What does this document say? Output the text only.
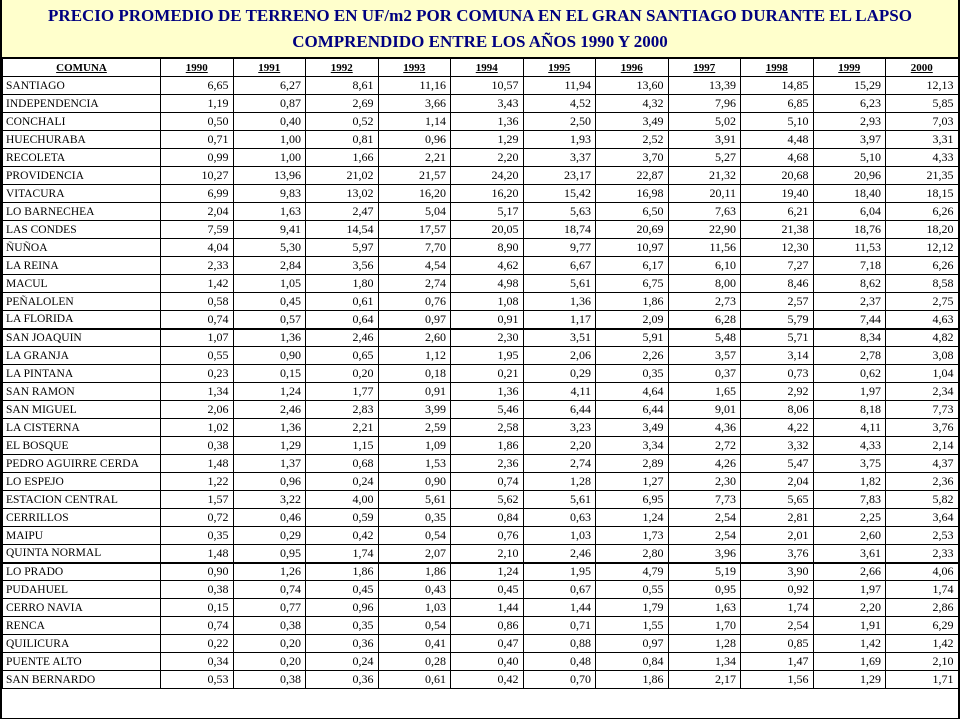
PRECIO PROMEDIO DE TERRENO EN UF/m2 POR COMUNA EN EL GRAN SANTIAGO DURANTE EL LAPSO
COMPRENDIDO ENTRE LOS AÑOS 1990 Y 2000
COMUNA	1990	1991	1992	1993	1994	1995	1996	1997	1998	1999	2000
SANTIAGO	6,65	6,27	8,61	11,16	10,57	11,94	13,60	13,39	14,85	15,29	12,13
INDEPENDENCIA	1,19	0,87	2,69	3,66	3,43	4,52	4,32	7,96	6,85	6,23	5,85
CONCHALI	0,50	0,40	0,52	1,14	1,36	2,50	3,49	5,02	5,10	2,93	7,03
HUECHURABA	0,71	1,00	0,81	0,96	1,29	1,93	2,52	3,91	4,48	3,97	3,31
RECOLETA	0,99	1,00	1,66	2,21	2,20	3,37	3,70	5,27	4,68	5,10	4,33
PROVIDENCIA	10,27	13,96	21,02	21,57	24,20	23,17	22,87	21,32	20,68	20,96	21,35
VITACURA	6,99	9,83	13,02	16,20	16,20	15,42	16,98	20,11	19,40	18,40	18,15
LO BARNECHEA	2,04	1,63	2,47	5,04	5,17	5,63	6,50	7,63	6,21	6,04	6,26
LAS CONDES	7,59	9,41	14,54	17,57	20,05	18,74	20,69	22,90	21,38	18,76	18,20
ÑUÑOA	4,04	5,30	5,97	7,70	8,90	9,77	10,97	11,56	12,30	11,53	12,12
LA REINA	2,33	2,84	3,56	4,54	4,62	6,67	6,17	6,10	7,27	7,18	6,26
MACUL	1,42	1,05	1,80	2,74	4,98	5,61	6,75	8,00	8,46	8,62	8,58
PEÑALOLEN	0,58	0,45	0,61	0,76	1,08	1,36	1,86	2,73	2,57	2,37	2,75
LA FLORIDA	0,74	0,57	0,64	0,97	0,91	1,17	2,09	6,28	5,79	7,44	4,63
SAN JOAQUIN	1,07	1,36	2,46	2,60	2,30	3,51	5,91	5,48	5,71	8,34	4,82
LA GRANJA	0,55	0,90	0,65	1,12	1,95	2,06	2,26	3,57	3,14	2,78	3,08
LA PINTANA	0,23	0,15	0,20	0,18	0,21	0,29	0,35	0,37	0,73	0,62	1,04
SAN RAMON	1,34	1,24	1,77	0,91	1,36	4,11	4,64	1,65	2,92	1,97	2,34
SAN MIGUEL	2,06	2,46	2,83	3,99	5,46	6,44	6,44	9,01	8,06	8,18	7,73
LA CISTERNA	1,02	1,36	2,21	2,59	2,58	3,23	3,49	4,36	4,22	4,11	3,76
EL BOSQUE	0,38	1,29	1,15	1,09	1,86	2,20	3,34	2,72	3,32	4,33	2,14
PEDRO AGUIRRE CERDA	1,48	1,37	0,68	1,53	2,36	2,74	2,89	4,26	5,47	3,75	4,37
LO ESPEJO	1,22	0,96	0,24	0,90	0,74	1,28	1,27	2,30	2,04	1,82	2,36
ESTACION CENTRAL	1,57	3,22	4,00	5,61	5,62	5,61	6,95	7,73	5,65	7,83	5,82
CERRILLOS	0,72	0,46	0,59	0,35	0,84	0,63	1,24	2,54	2,81	2,25	3,64
MAIPU	0,35	0,29	0,42	0,54	0,76	1,03	1,73	2,54	2,01	2,60	2,53
QUINTA NORMAL	1,48	0,95	1,74	2,07	2,10	2,46	2,80	3,96	3,76	3,61	2,33
LO PRADO	0,90	1,26	1,86	1,86	1,24	1,95	4,79	5,19	3,90	2,66	4,06
PUDAHUEL	0,38	0,74	0,45	0,43	0,45	0,67	0,55	0,95	0,92	1,97	1,74
CERRO NAVIA	0,15	0,77	0,96	1,03	1,44	1,44	1,79	1,63	1,74	2,20	2,86
RENCA	0,74	0,38	0,35	0,54	0,86	0,71	1,55	1,70	2,54	1,91	6,29
QUILICURA	0,22	0,20	0,36	0,41	0,47	0,88	0,97	1,28	0,85	1,42	1,42
PUENTE ALTO	0,34	0,20	0,24	0,28	0,40	0,48	0,84	1,34	1,47	1,69	2,10
SAN BERNARDO	0,53	0,38	0,36	0,61	0,42	0,70	1,86	2,17	1,56	1,29	1,71
